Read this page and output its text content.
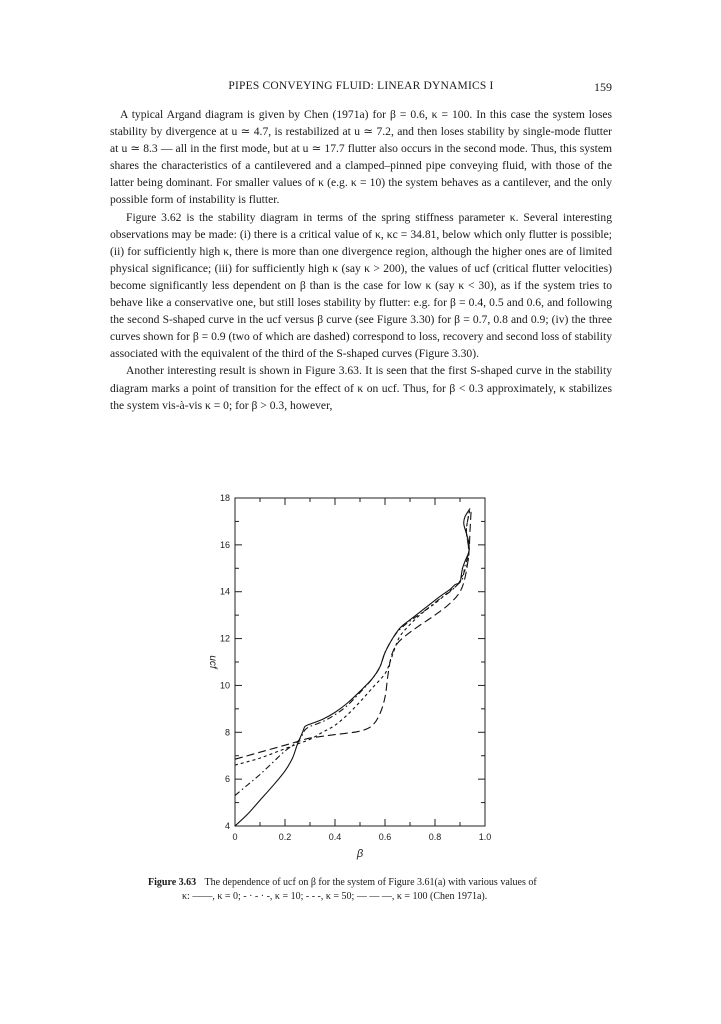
PIPES CONVEYING FLUID: LINEAR DYNAMICS I	159

A typical Argand diagram is given by Chen (1971a) for β = 0.6, κ = 100. In this case the system loses stability by divergence at u ≃ 4.7, is restabilized at u ≃ 7.2, and then loses stability by single-mode flutter at u ≃ 8.3 — all in the first mode, but at u ≃ 17.7 flutter also occurs in the second mode. Thus, this system shares the characteristics of a cantilevered and a clamped–pinned pipe conveying fluid, with those of the latter being dominant. For smaller values of κ (e.g. κ = 10) the system behaves as a cantilever, and the only possible form of instability is flutter.

Figure 3.62 is the stability diagram in terms of the spring stiffness parameter κ. Several interesting observations may be made: (i) there is a critical value of κ, κc = 34.81, below which only flutter is possible; (ii) for sufficiently high κ, there is more than one divergence region, although the higher ones are of limited physical significance; (iii) for sufficiently high κ (say κ > 200), the values of ucf (critical flutter velocities) become significantly less dependent on β than is the case for low κ (say κ < 30), as if the system tries to behave like a conservative one, but still loses stability by flutter: e.g. for β = 0.4, 0.5 and 0.6, and following the second S-shaped curve in the ucf versus β curve (see Figure 3.30) for β = 0.7, 0.8 and 0.9; (iv) the three curves shown for β = 0.9 (two of which are dashed) correspond to loss, recovery and second loss of stability associated with the equivalent of the third of the S-shaped curves (Figure 3.30).

Another interesting result is shown in Figure 3.63. It is seen that the first S-shaped curve in the stability diagram marks a point of transition for the effect of κ on ucf. Thus, for β < 0.3 approximately, κ stabilizes the system vis-à-vis κ = 0; for β > 0.3, however,

0	0.2	0.4	0.6	0.8	1.0
4
6
8
10
12
14
16
18
β
ucf

Figure 3.63 The dependence of ucf on β for the system of Figure 3.61(a) with various values of
κ: ——, κ = 0; - · - · -, κ = 10; - - -, κ = 50; — — —, κ = 100 (Chen 1971a).
